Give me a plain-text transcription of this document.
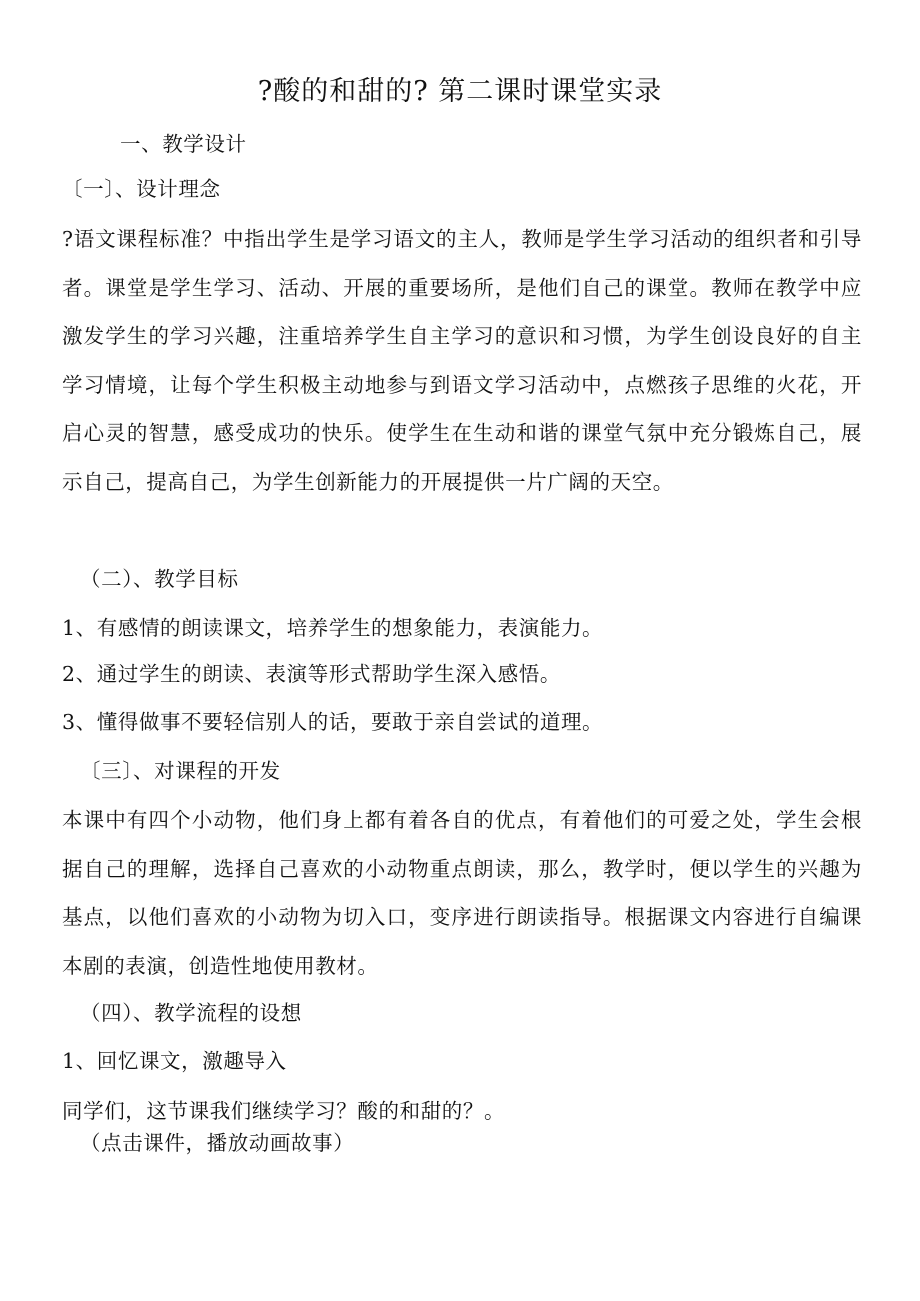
?酸的和甜的? 第二课时课堂实录
一、教学设计
〔一〕、设计理念
?语文课程标准？中指出学生是学习语文的主人，教师是学生学习活动的组织者和引导者。课堂是学生学习、活动、开展的重要场所，是他们自己的课堂。教师在教学中应激发学生的学习兴趣，注重培养学生自主学习的意识和习惯，为学生创设良好的自主学习情境，让每个学生积极主动地参与到语文学习活动中，点燃孩子思维的火花，开启心灵的智慧，感受成功的快乐。使学生在生动和谐的课堂气氛中充分锻炼自己，展示自己，提高自己，为学生创新能力的开展提供一片广阔的天空。
（二）、教学目标
1、有感情的朗读课文，培养学生的想象能力，表演能力。
2、通过学生的朗读、表演等形式帮助学生深入感悟。
3、懂得做事不要轻信别人的话，要敢于亲自尝试的道理。
〔三〕、对课程的开发
本课中有四个小动物，他们身上都有着各自的优点，有着他们的可爱之处，学生会根据自己的理解，选择自己喜欢的小动物重点朗读，那么，教学时，便以学生的兴趣为基点，以他们喜欢的小动物为切入口，变序进行朗读指导。根据课文内容进行自编课本剧的表演，创造性地使用教材。
（四）、教学流程的设想
1、回忆课文，激趣导入
同学们，这节课我们继续学习？酸的和甜的？。
（点击课件，播放动画故事）
